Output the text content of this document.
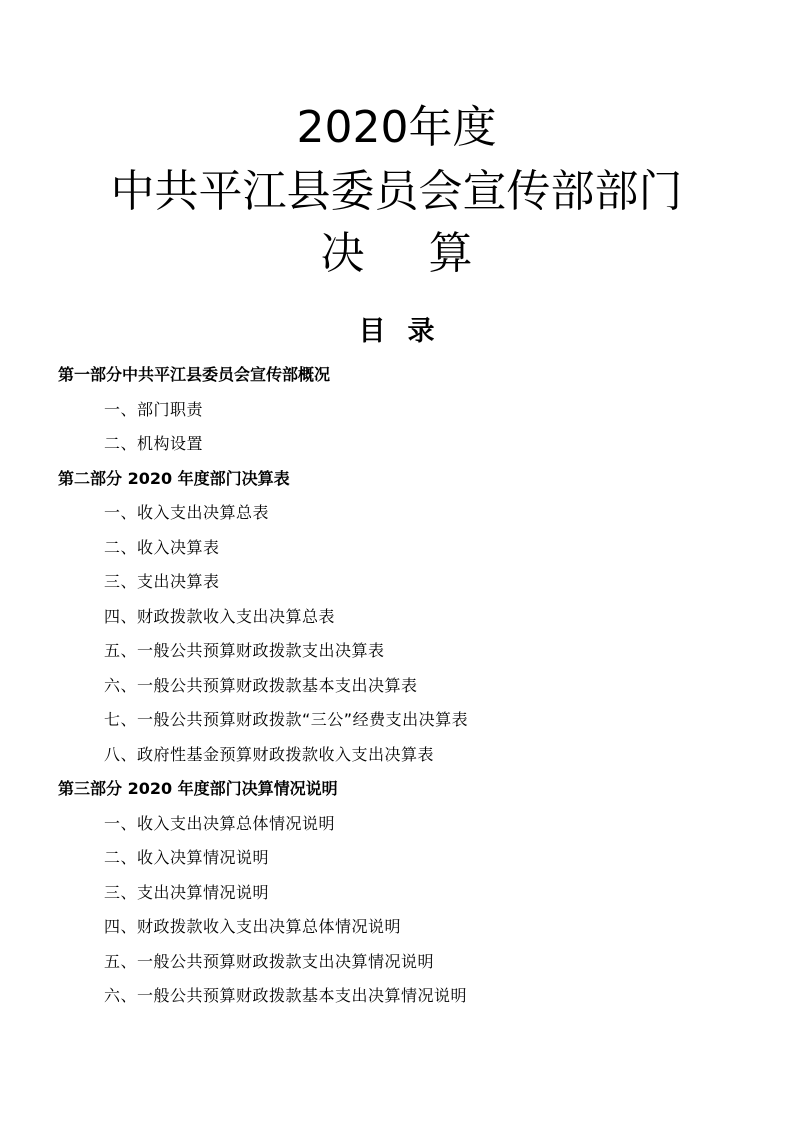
2020年度
中共平江县委员会宣传部部门
决算
目录
第一部分中共平江县委员会宣传部概况
一、部门职责
二、机构设置
第二部分 2020 年度部门决算表
一、收入支出决算总表
二、收入决算表
三、支出决算表
四、财政拨款收入支出决算总表
五、一般公共预算财政拨款支出决算表
六、一般公共预算财政拨款基本支出决算表
七、一般公共预算财政拨款“三公”经费支出决算表
八、政府性基金预算财政拨款收入支出决算表
第三部分 2020 年度部门决算情况说明
一、收入支出决算总体情况说明
二、收入决算情况说明
三、支出决算情况说明
四、财政拨款收入支出决算总体情况说明
五、一般公共预算财政拨款支出决算情况说明
六、一般公共预算财政拨款基本支出决算情况说明
